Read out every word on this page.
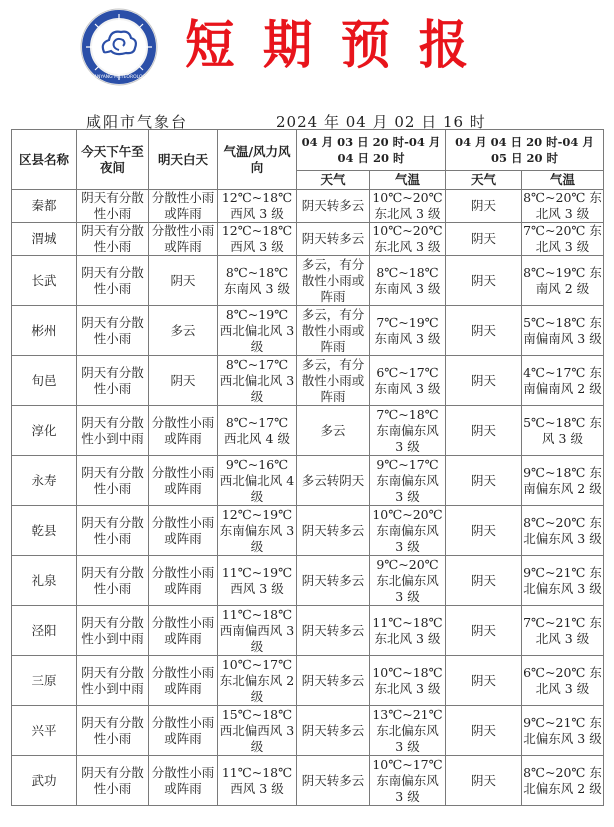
XIANYANG METEOROLOGY
短期预报
咸阳市气象台	2024 年 04 月 02 日 16 时
区县名称	今天下午至夜间	明天白天	气温/风力风向	04 月 03 日 20 时-04 月 04 日 20 时		04 月 04 日 20 时-04 月 05 日 20 时	
				天气	气温	天气	气温
秦都	阴天有分散性小雨	分散性小雨或阵雨	12℃~18℃ 西风 3 级	阴天转多云	10℃~20℃ 东北风 3 级	阴天	8℃~20℃ 东北风 3 级
渭城	阴天有分散性小雨	分散性小雨或阵雨	12℃~18℃ 西风 3 级	阴天转多云	10℃~20℃ 东北风 3 级	阴天	7℃~20℃ 东北风 3 级
长武	阴天有分散性小雨	阴天	8℃~18℃ 东南风 3 级	多云，有分散性小雨或阵雨	8℃~18℃ 东南风 3 级	阴天	8℃~19℃ 东南风 2 级
彬州	阴天有分散性小雨	多云	8℃~19℃ 西北偏北风 3 级	多云，有分散性小雨或阵雨	7℃~19℃ 东南风 3 级	阴天	5℃~18℃ 东南偏南风 3 级
旬邑	阴天有分散性小雨	阴天	8℃~17℃ 西北偏北风 3 级	多云，有分散性小雨或阵雨	6℃~17℃ 东南风 3 级	阴天	4℃~17℃ 东南偏南风 2 级
淳化	阴天有分散性小到中雨	分散性小雨或阵雨	8℃~17℃ 西北风 4 级	多云	7℃~18℃ 东南偏东风 3 级	阴天	5℃~18℃ 东风 3 级
永寿	阴天有分散性小雨	分散性小雨或阵雨	9℃~16℃ 西北偏北风 4 级	多云转阴天	9℃~17℃ 东南偏东风 3 级	阴天	9℃~18℃ 东南偏东风 2 级
乾县	阴天有分散性小雨	分散性小雨或阵雨	12℃~19℃ 东南偏东风 3 级	阴天转多云	10℃~20℃ 东南偏东风 3 级	阴天	8℃~20℃ 东北偏东风 3 级
礼泉	阴天有分散性小雨	分散性小雨或阵雨	11℃~19℃ 西风 3 级	阴天转多云	9℃~20℃ 东北偏东风 3 级	阴天	9℃~21℃ 东北偏东风 3 级
泾阳	阴天有分散性小到中雨	分散性小雨或阵雨	11℃~18℃ 西南偏西风 3 级	阴天转多云	11℃~18℃ 东北风 3 级	阴天	7℃~21℃ 东北风 3 级
三原	阴天有分散性小到中雨	分散性小雨或阵雨	10℃~17℃ 东北偏东风 2 级	阴天转多云	10℃~18℃ 东北风 3 级	阴天	6℃~20℃ 东北风 3 级
兴平	阴天有分散性小雨	分散性小雨或阵雨	15℃~18℃ 西北偏西风 3 级	阴天转多云	13℃~21℃ 东北偏东风 3 级	阴天	9℃~21℃ 东北偏东风 3 级
武功	阴天有分散性小雨	分散性小雨或阵雨	11℃~18℃ 西风 3 级	阴天转多云	10℃~17℃ 东南偏东风 3 级	阴天	8℃~20℃ 东北偏东风 2 级
